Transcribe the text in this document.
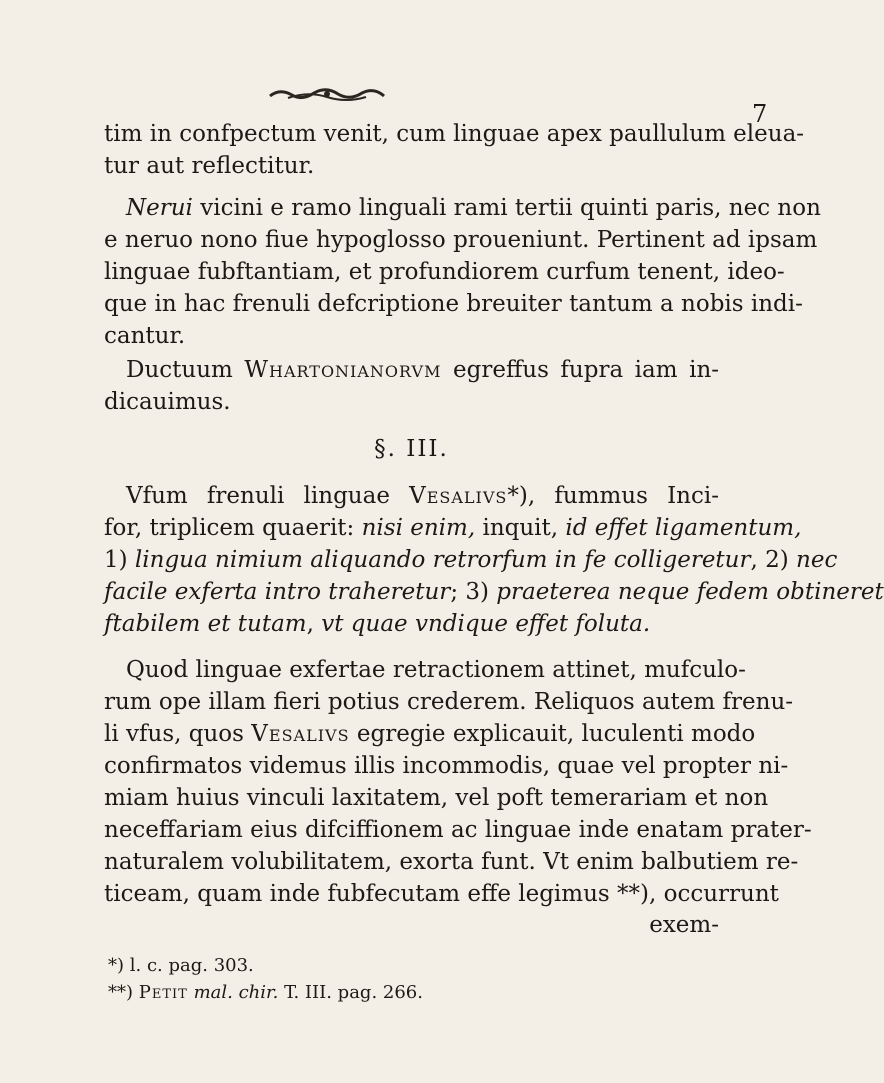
7
tim in confpectum venit, cum linguae apex paullulum eleua-
tur aut reflectitur.
Nerui vicini e ramo linguali rami tertii quinti paris, nec non
e neruo nono fiue hypoglosso proueniunt. Pertinent ad ipsam
linguae fubftantiam, et profundiorem curfum tenent, ideo-
que in hac frenuli defcriptione breuiter tantum a nobis indi-
cantur.
Ductuum Whartonianorvm egreffus fupra iam in-
dicauimus.
§. III.
Vfum frenuli linguae Vesalivs*), fummus Inci-
for, triplicem quaerit: nisi enim, inquit, id effet ligamentum,
1) lingua nimium aliquando retrorfum in fe colligeretur, 2) nec
facile exferta intro traheretur; 3) praeterea neque fedem obtineret
ftabilem et tutam, vt quae vndique effet foluta.
Quod linguae exfertae retractionem attinet, mufculo-
rum ope illam fieri potius crederem. Reliquos autem frenu-
li vfus, quos Vesalivs egregie explicauit, luculenti modo
confirmatos videmus illis incommodis, quae vel propter ni-
miam huius vinculi laxitatem, vel poft temerariam et non
neceffariam eius difciffionem ac linguae inde enatam prater-
naturalem volubilitatem, exorta funt. Vt enim balbutiem re-
ticeam, quam inde fubfecutam effe legimus **), occurrunt
exem-
*) l. c. pag. 303.
**) Petit mal. chir. T. III. pag. 266.
